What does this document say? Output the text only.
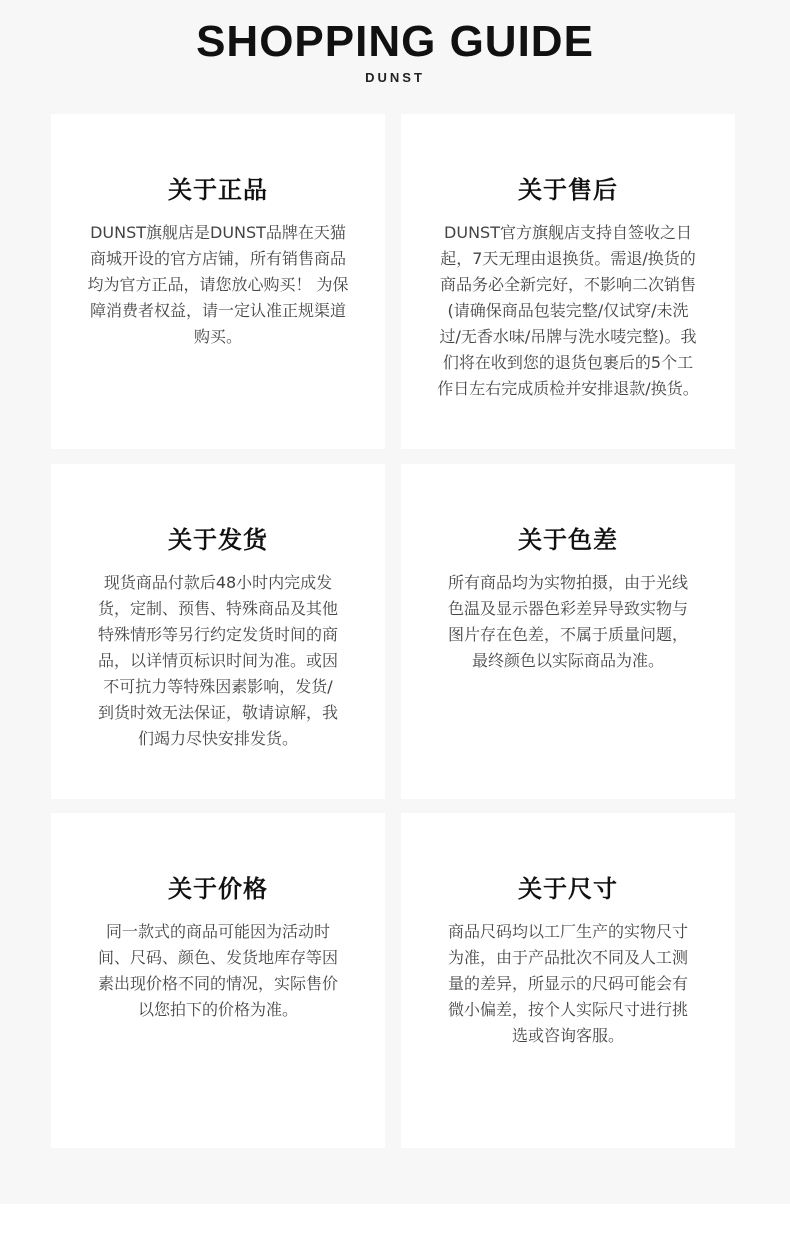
SHOPPING GUIDE
DUNST
关于正品

DUNST旗舰店是DUNST品牌在天猫商城开设的官方店铺，所有销售商品均为官方正品，请您放心购买！ 为保障消费者权益，请一定认准正规渠道购买。

关于售后

DUNST官方旗舰店支持自签收之日起，7天无理由退换货。需退/换货的商品务必全新完好，不影响二次销售(请确保商品包装完整/仅试穿/未洗过/无香水味/吊牌与洗水唛完整)。我们将在收到您的退货包裹后的5个工作日左右完成质检并安排退款/换货。

关于发货

现货商品付款后48小时内完成发货，定制、预售、特殊商品及其他特殊情形等另行约定发货时间的商品，以详情页标识时间为准。或因不可抗力等特殊因素影响，发货/到货时效无法保证，敬请谅解，我们竭力尽快安排发货。

关于色差

所有商品均为实物拍摄，由于光线色温及显示器色彩差异导致实物与图片存在色差，不属于质量问题，最终颜色以实际商品为准。

关于价格

同一款式的商品可能因为活动时间、尺码、颜色、发货地库存等因素出现价格不同的情况，实际售价以您拍下的价格为准。

关于尺寸

商品尺码均以工厂生产的实物尺寸为准，由于产品批次不同及人工测量的差异，所显示的尺码可能会有微小偏差，按个人实际尺寸进行挑选或咨询客服。
